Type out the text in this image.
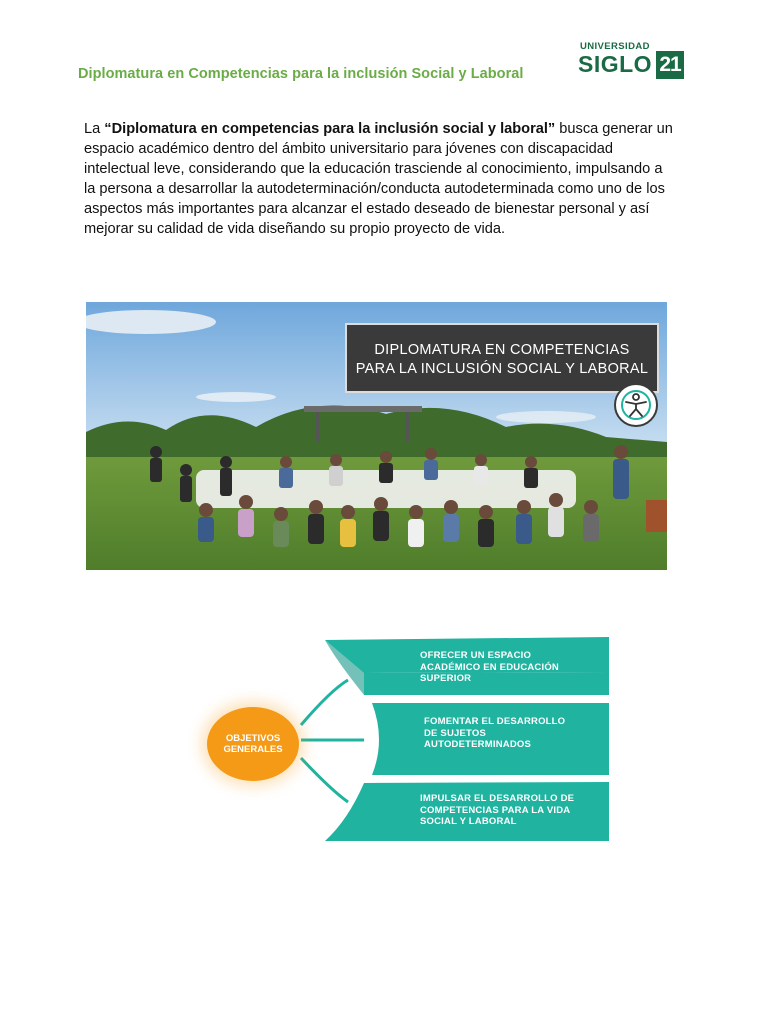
Diplomatura en Competencias para la inclusión Social y Laboral
UNIVERSIDAD
SIGLO 21

La “Diplomatura en competencias para la inclusión social y laboral” busca generar un espacio académico dentro del ámbito universitario para jóvenes con discapacidad intelectual leve, considerando que la educación trasciende al conocimiento, impulsando a la persona a desarrollar la autodeterminación/conducta autodeterminada como uno de los aspectos más importantes para alcanzar el estado deseado de bienestar personal y así mejorar su calidad de vida diseñando su propio proyecto de vida.

DIPLOMATURA EN COMPETENCIAS
PARA LA INCLUSIÓN SOCIAL Y LABORAL
OBJETIVOS
GENERALES
OFRECER UN ESPACIO
ACADÉMICO EN EDUCACIÓN
SUPERIOR
FOMENTAR EL DESARROLLO
DE SUJETOS
AUTODETERMINADOS
IMPULSAR EL DESARROLLO DE
COMPETENCIAS PARA LA VIDA
SOCIAL Y LABORAL
